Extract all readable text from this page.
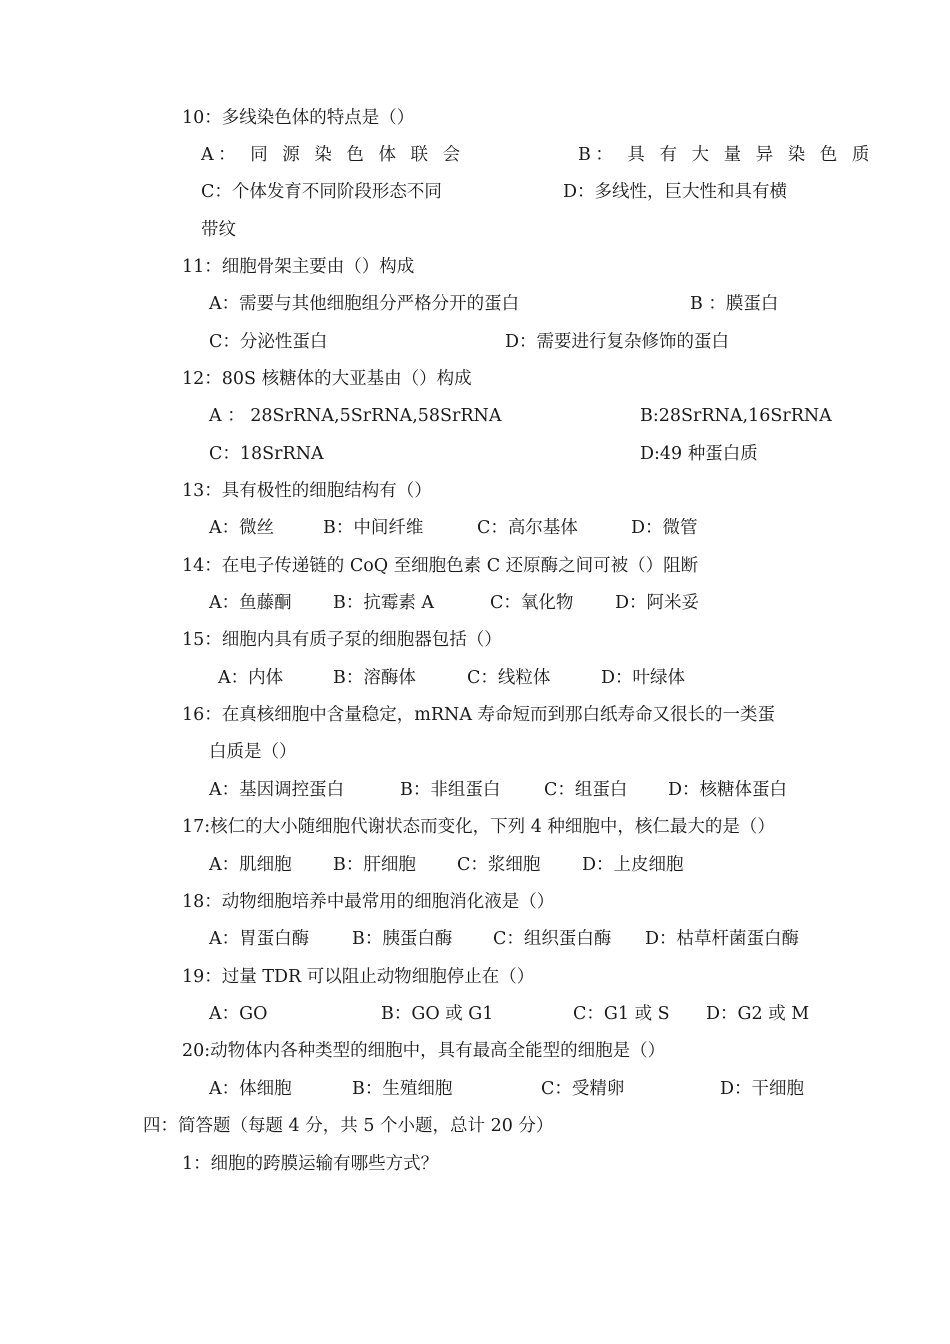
10：多线染色体的特点是（）
A： 同 源 染 色 体 联 会	B： 具 有 大 量 异 染 色 质
C：个体发育不同阶段形态不同	D：多线性，巨大性和具有横
带纹
11：细胞骨架主要由（）构成
A：需要与其他细胞组分严格分开的蛋白	B ：膜蛋白
C：分泌性蛋白	D：需要进行复杂修饰的蛋白
12：80S 核糖体的大亚基由（）构成
A ： 28SrRNA,5SrRNA,58SrRNA	B:28SrRNA,16SrRNA
C：18SrRNA	D:49 种蛋白质
13：具有极性的细胞结构有（）
A：微丝	B：中间纤维	C：高尔基体	D：微管
14：在电子传递链的 CoQ 至细胞色素 C 还原酶之间可被（）阻断
A：鱼藤酮 B：抗霉素 A	C：氧化物 D：阿米妥
15：细胞内具有质子泵的细胞器包括（）
A：内体	B：溶酶体	C：线粒体	D：叶绿体
16：在真核细胞中含量稳定，mRNA 寿命短而到那白纸寿命又很长的一类蛋
白质是（）
A：基因调控蛋白	B：非组蛋白 C：组蛋白 D：核糖体蛋白
17:核仁的大小随细胞代谢状态而变化，下列 4 种细胞中，核仁最大的是（）
A：肌细胞 B：肝细胞 C：浆细胞 D：上皮细胞
18：动物细胞培养中最常用的细胞消化液是（）
A：胃蛋白酶 B：胰蛋白酶 C：组织蛋白酶 D：枯草杆菌蛋白酶
19：过量 TDR 可以阻止动物细胞停止在（）
A：GO	B：GO 或 G1	C：G1 或 S D：G2 或 M
20:动物体内各种类型的细胞中，具有最高全能型的细胞是（）
A：体细胞	B：生殖细胞	C：受精卵	D：干细胞
四：简答题（每题 4 分，共 5 个小题，总计 20 分）
1：细胞的跨膜运输有哪些方式？
